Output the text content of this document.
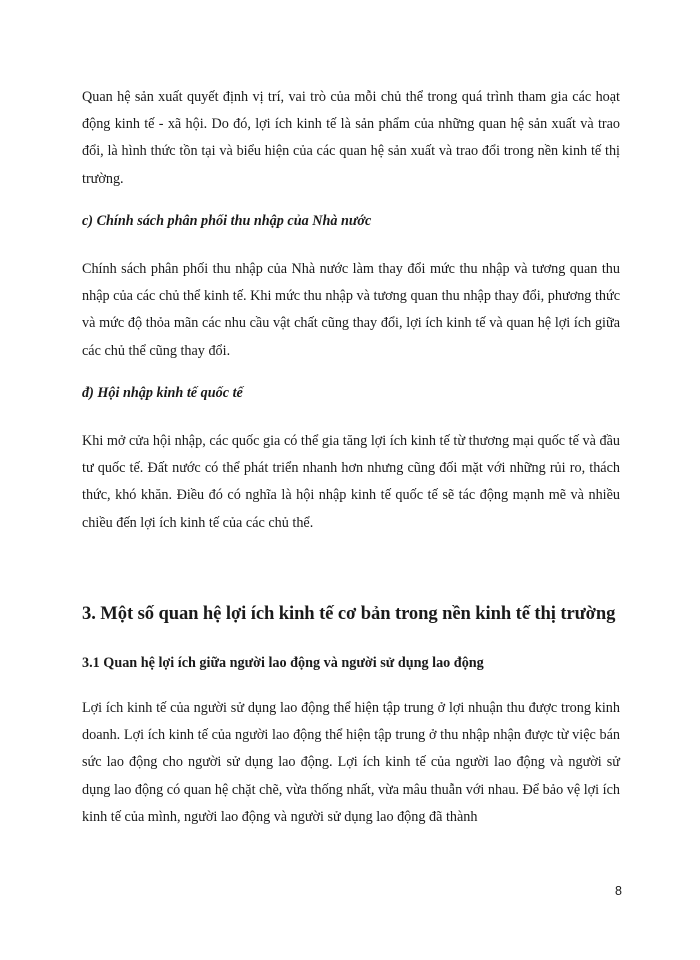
Quan hệ sản xuất quyết định vị trí, vai trò của mỗi chủ thể trong quá trình tham gia các hoạt động kinh tế - xã hội. Do đó, lợi ích kinh tế là sản phẩm của những quan hệ sản xuất và trao đổi, là hình thức tồn tại và biểu hiện của các quan hệ sản xuất và trao đổi trong nền kinh tế thị trường.

c) Chính sách phân phối thu nhập của Nhà nước

Chính sách phân phối thu nhập của Nhà nước làm thay đổi mức thu nhập và tương quan thu nhập của các chủ thể kinh tế. Khi mức thu nhập và tương quan thu nhập thay đổi, phương thức và mức độ thỏa mãn các nhu cầu vật chất cũng thay đổi, lợi ích kinh tế và quan hệ lợi ích giữa các chủ thể cũng thay đổi.

đ) Hội nhập kinh tế quốc tế

Khi mở cửa hội nhập, các quốc gia có thể gia tăng lợi ích kinh tế từ thương mại quốc tế và đầu tư quốc tế. Đất nước có thể phát triển nhanh hơn nhưng cũng đối mặt với những rủi ro, thách thức, khó khăn. Điều đó có nghĩa là hội nhập kinh tế quốc tế sẽ tác động mạnh mẽ và nhiều chiều đến lợi ích kinh tế của các chủ thể.

3. Một số quan hệ lợi ích kinh tế cơ bản trong nền kinh tế thị trường

3.1 Quan hệ lợi ích giữa người lao động và người sử dụng lao động

Lợi ích kinh tế của người sử dụng lao động thể hiện tập trung ở lợi nhuận thu được trong kinh doanh. Lợi ích kinh tế của người lao động thể hiện tập trung ở thu nhập nhận được từ việc bán sức lao động cho người sử dụng lao động. Lợi ích kinh tế của người lao động và người sử dụng lao động có quan hệ chặt chẽ, vừa thống nhất, vừa mâu thuẫn với nhau. Để bảo vệ lợi ích kinh tế của mình, người lao động và người sử dụng lao động đã thành

8
